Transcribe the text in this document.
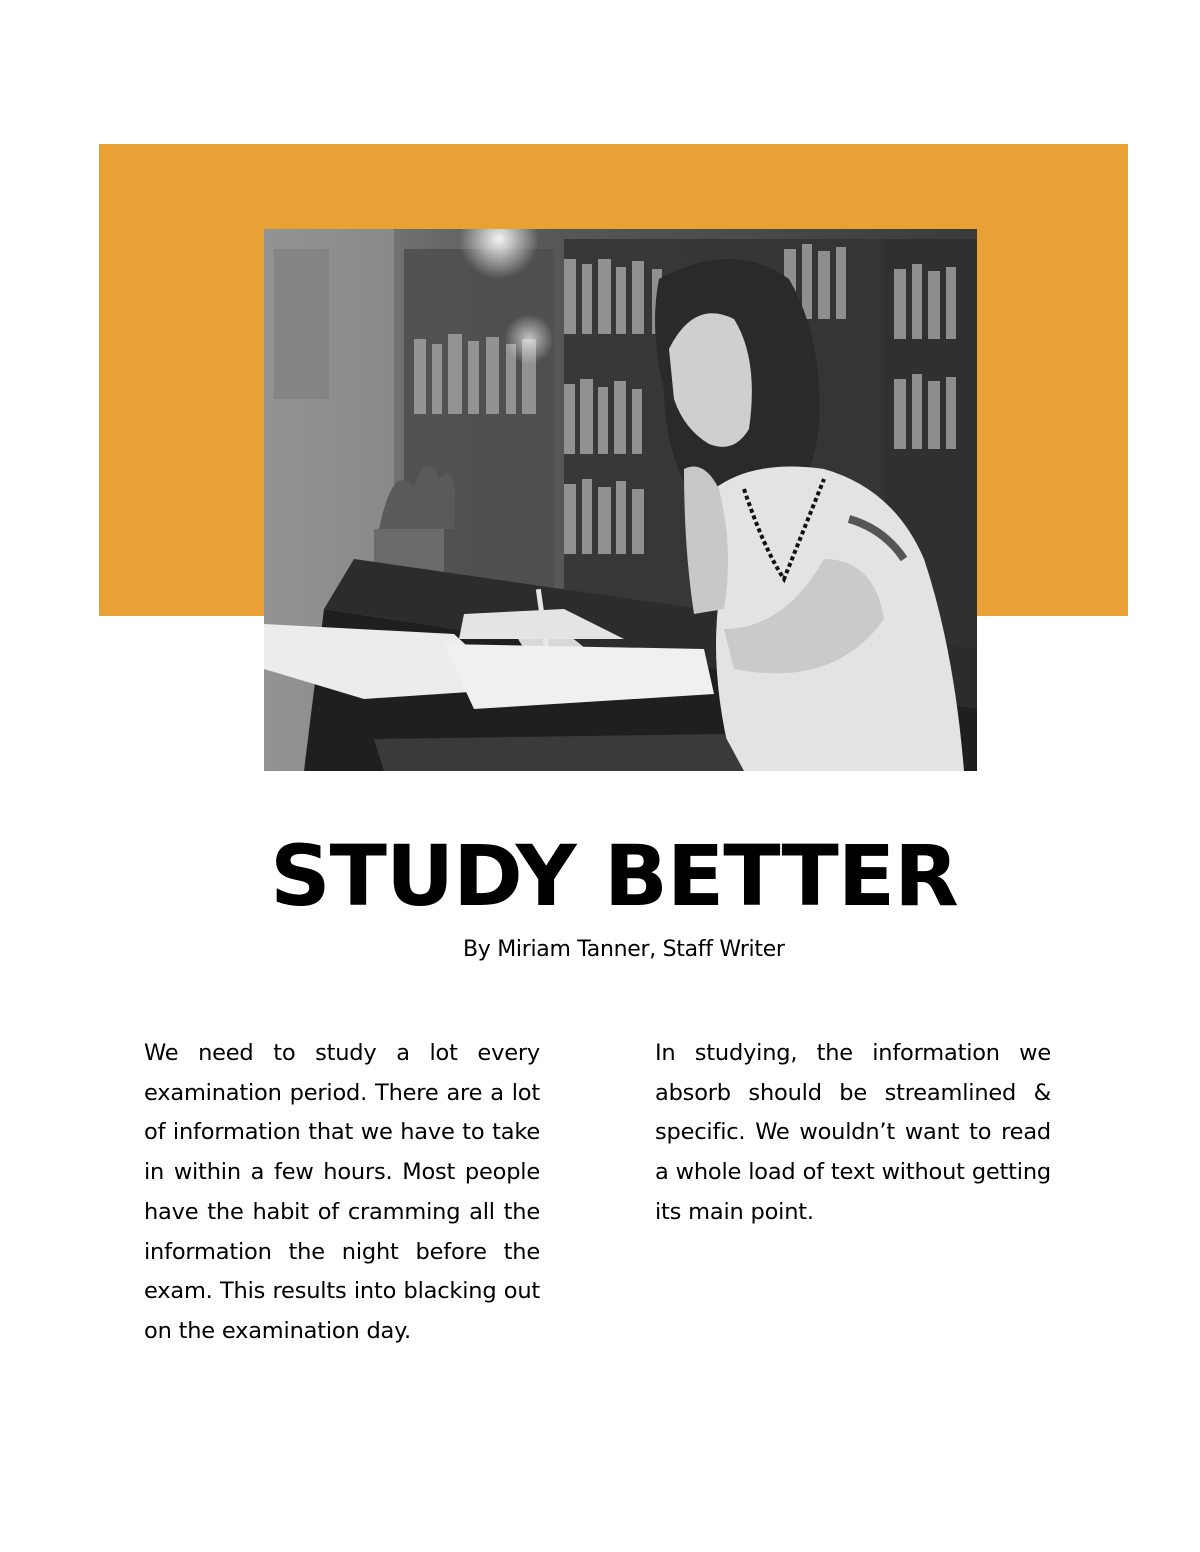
STUDY BETTER
By Miriam Tanner, Staff Writer

We need to study a lot every examination period. There are a lot of information that we have to take in within a few hours. Most people have the habit of cramming all the information the night before the exam. This results into blacking out on the examination day.

In studying, the information we absorb should be streamlined & specific. We wouldn’t want to read a whole load of text without getting its main point.
